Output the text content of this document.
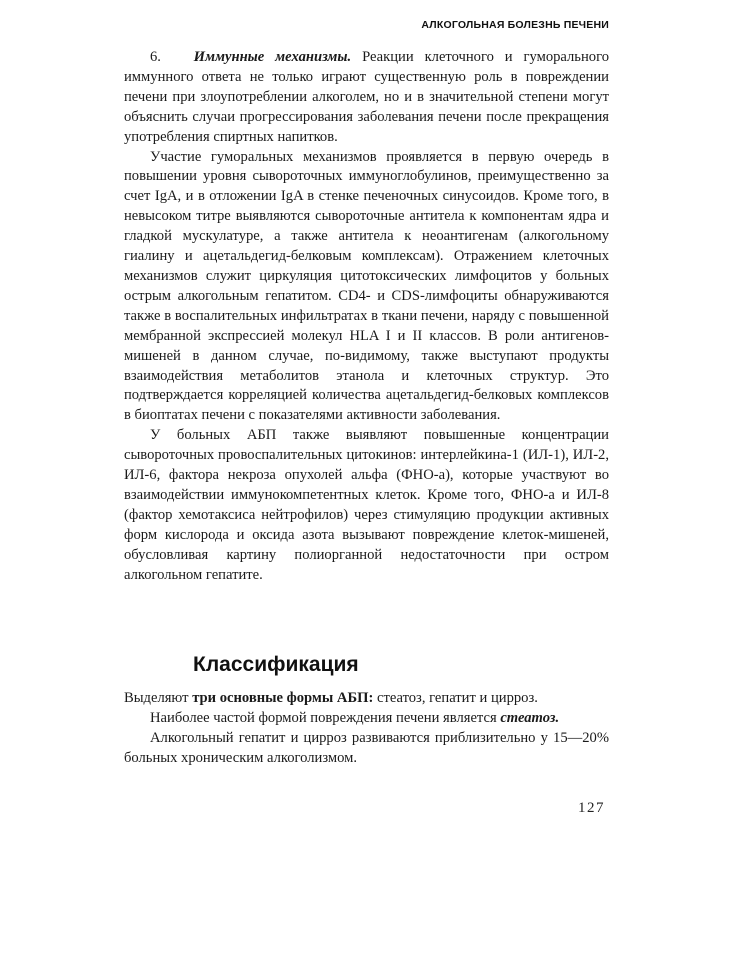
АЛКОГОЛЬНАЯ БОЛЕЗНЬ ПЕЧЕНИ

6. Иммунные механизмы. Реакции клеточного и гуморального иммунного ответа не только играют существенную роль в повреждении печени при злоупотреблении алкоголем, но и в значительной степени могут объяснить случаи прогрессирования заболевания печени после прекращения употребления спиртных напитков.

Участие гуморальных механизмов проявляется в первую очередь в повышении уровня сывороточных иммуноглобулинов, преимущественно за счет IgA, и в отложении IgA в стенке печеночных синусоидов. Кроме того, в невысоком титре выявляются сывороточные антитела к компонентам ядра и гладкой мускулатуре, а также антитела к неоантигенам (алкогольному гиалину и ацетальдегид-белковым комплексам). Отражением клеточных механизмов служит циркуляция цитотоксических лимфоцитов у больных острым алкогольным гепатитом. CD4- и CDS-лимфоциты обнаруживаются также в воспалительных инфильтратах в ткани печени, наряду с повышенной мембранной экспрессией молекул HLA I и II классов. В роли антигенов-мишеней в данном случае, по-видимому, также выступают продукты взаимодействия метаболитов этанола и клеточных структур. Это подтверждается корреляцией количества ацетальдегид-белковых комплексов в биоптатах печени с показателями активности заболевания.

У больных АБП также выявляют повышенные концентрации сывороточных провоспалительных цитокинов: интерлейкина-1 (ИЛ-1), ИЛ-2, ИЛ-6, фактора некроза опухолей альфа (ФНО-а), которые участвуют во взаимодействии иммунокомпетентных клеток. Кроме того, ФНО-а и ИЛ-8 (фактор хемотаксиса нейтрофилов) через стимуляцию продукции активных форм кислорода и оксида азота вызывают повреждение клеток-мишеней, обусловливая картину полиорганной недостаточности при остром алкогольном гепатите.

Классификация

Выделяют три основные формы АБП: стеатоз, гепатит и цирроз.

Наиболее частой формой повреждения печени является стеатоз.

Алкогольный гепатит и цирроз развиваются приблизительно у 15—20% больных хроническим алкоголизмом.

127
